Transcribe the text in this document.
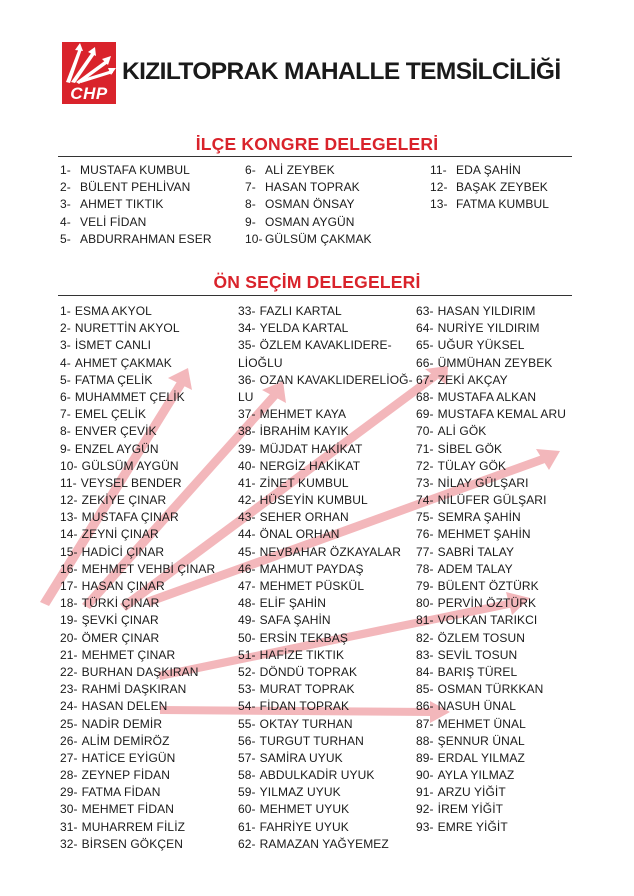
CHP
KIZILTOPRAK MAHALLE TEMSİLCİLİĞİ
İLÇE KONGRE DELEGELERİ
1- MUSTAFA KUMBUL
2- BÜLENT PEHLİVAN
3- AHMET TIKTIK
4- VELİ FİDAN
5- ABDURRAHMAN ESER
6- ALİ ZEYBEK
7- HASAN TOPRAK
8- OSMAN ÖNSAY
9- OSMAN AYGÜN
10- GÜLSÜM ÇAKMAK
11- EDA ŞAHİN
12- BAŞAK ZEYBEK
13- FATMA KUMBUL
ÖN SEÇİM DELEGELERİ
1- ESMA AKYOL
2- NURETTİN AKYOL
3- İSMET CANLI
4- AHMET ÇAKMAK
5- FATMA ÇELİK
6- MUHAMMET ÇELİK
7- EMEL ÇELİK
8- ENVER ÇEVİK
9- ENZEL AYGÜN
10- GÜLSÜM AYGÜN
11- VEYSEL BENDER
12- ZEKİYE ÇINAR
13- MUSTAFA ÇINAR
14- ZEYNİ ÇINAR
15- HADİCİ ÇINAR
16- MEHMET VEHBİ ÇINAR
17- HASAN ÇINAR
18- TÜRKİ ÇINAR
19- ŞEVKİ ÇINAR
20- ÖMER ÇINAR
21- MEHMET ÇINAR
22- BURHAN DAŞKIRAN
23- RAHMİ DAŞKIRAN
24- HASAN DELEN
25- NADİR DEMİR
26- ALİM DEMİRÖZ
27- HATİCE EYİGÜN
28- ZEYNEP FİDAN
29- FATMA FİDAN
30- MEHMET FİDAN
31- MUHARREM FİLİZ
32- BİRSEN GÖKÇEN
33- FAZLI KARTAL
34- YELDA KARTAL
35- ÖZLEM KAVAKLIDERE-
LİOĞLU
36- OZAN KAVAKLIDERELİOĞ-
LU
37- MEHMET KAYA
38- İBRAHİM KAYIK
39- MÜJDAT HAKİKAT
40- NERGİZ HAKİKAT
41- ZİNET KUMBUL
42- HÜSEYİN KUMBUL
43- SEHER ORHAN
44- ÖNAL ORHAN
45- NEVBAHAR ÖZKAYALAR
46- MAHMUT PAYDAŞ
47- MEHMET PÜSKÜL
48- ELİF ŞAHİN
49- SAFA ŞAHİN
50- ERSİN TEKBAŞ
51- HAFİZE TIKTIK
52- DÖNDÜ TOPRAK
53- MURAT TOPRAK
54- FİDAN TOPRAK
55- OKTAY TURHAN
56- TURGUT TURHAN
57- SAMİRA UYUK
58- ABDULKADİR UYUK
59- YILMAZ UYUK
60- MEHMET UYUK
61- FAHRİYE UYUK
62- RAMAZAN YAĞYEMEZ
63- HASAN YILDIRIM
64- NURİYE YILDIRIM
65- UĞUR YÜKSEL
66- ÜMMÜHAN ZEYBEK
67- ZEKİ AKÇAY
68- MUSTAFA ALKAN
69- MUSTAFA KEMAL ARU
70- ALİ GÖK
71- SİBEL GÖK
72- TÜLAY GÖK
73- NİLAY GÜLŞARI
74- NİLÜFER GÜLŞARI
75- SEMRA ŞAHİN
76- MEHMET ŞAHİN
77- SABRİ TALAY
78- ADEM TALAY
79- BÜLENT ÖZTÜRK
80- PERVİN ÖZTÜRK
81- VOLKAN TARIKCI
82- ÖZLEM TOSUN
83- SEVİL TOSUN
84- BARIŞ TÜREL
85- OSMAN TÜRKKAN
86- NASUH ÜNAL
87- MEHMET ÜNAL
88- ŞENNUR ÜNAL
89- ERDAL YILMAZ
90- AYLA YILMAZ
91- ARZU YİĞİT
92- İREM YİĞİT
93- EMRE YİĞİT
